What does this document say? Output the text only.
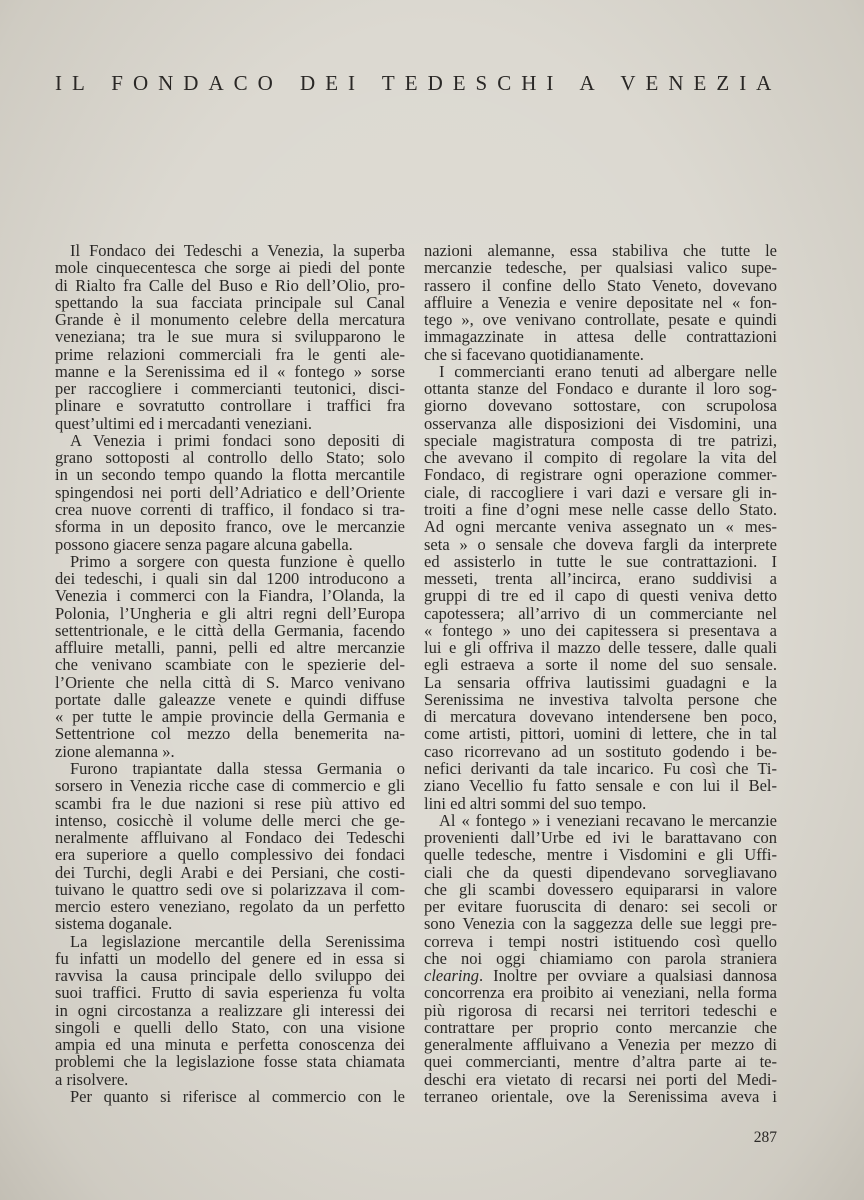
IL FONDACO DEI TEDESCHI A VENEZIA
Il Fondaco dei Tedeschi a Venezia, la superba
mole cinquecentesca che sorge ai piedi del ponte
di Rialto fra Calle del Buso e Rio dell’Olio, pro-
spettando la sua facciata principale sul Canal
Grande è il monumento celebre della mercatura
veneziana; tra le sue mura si svilupparono le
prime relazioni commerciali fra le genti ale-
manne e la Serenissima ed il « fontego » sorse
per raccogliere i commercianti teutonici, disci-
plinare e sovratutto controllare i traffici fra
quest’ultimi ed i mercadanti veneziani.
A Venezia i primi fondaci sono depositi di
grano sottoposti al controllo dello Stato; solo
in un secondo tempo quando la flotta mercantile
spingendosi nei porti dell’Adriatico e dell’Oriente
crea nuove correnti di traffico, il fondaco si tra-
sforma in un deposito franco, ove le mercanzie
possono giacere senza pagare alcuna gabella.
Primo a sorgere con questa funzione è quello
dei tedeschi, i quali sin dal 1200 introducono a
Venezia i commerci con la Fiandra, l’Olanda, la
Polonia, l’Ungheria e gli altri regni dell’Europa
settentrionale, e le città della Germania, facendo
affluire metalli, panni, pelli ed altre mercanzie
che venivano scambiate con le spezierie del-
l’Oriente che nella città di S. Marco venivano
portate dalle galeazze venete e quindi diffuse
« per tutte le ampie provincie della Germania e
Settentrione col mezzo della benemerita na-
zione alemanna ».
Furono trapiantate dalla stessa Germania o
sorsero in Venezia ricche case di commercio e gli
scambi fra le due nazioni si rese più attivo ed
intenso, cosicchè il volume delle merci che ge-
neralmente affluivano al Fondaco dei Tedeschi
era superiore a quello complessivo dei fondaci
dei Turchi, degli Arabi e dei Persiani, che costi-
tuivano le quattro sedi ove si polarizzava il com-
mercio estero veneziano, regolato da un perfetto
sistema doganale.
La legislazione mercantile della Serenissima
fu infatti un modello del genere ed in essa si
ravvisa la causa principale dello sviluppo dei
suoi traffici. Frutto di savia esperienza fu volta
in ogni circostanza a realizzare gli interessi dei
singoli e quelli dello Stato, con una visione
ampia ed una minuta e perfetta conoscenza dei
problemi che la legislazione fosse stata chiamata
a risolvere.
Per quanto si riferisce al commercio con le
nazioni alemanne, essa stabiliva che tutte le
mercanzie tedesche, per qualsiasi valico supe-
rassero il confine dello Stato Veneto, dovevano
affluire a Venezia e venire depositate nel « fon-
tego », ove venivano controllate, pesate e quindi
immagazzinate in attesa delle contrattazioni
che si facevano quotidianamente.
I commercianti erano tenuti ad albergare nelle
ottanta stanze del Fondaco e durante il loro sog-
giorno dovevano sottostare, con scrupolosa
osservanza alle disposizioni dei Visdomini, una
speciale magistratura composta di tre patrizi,
che avevano il compito di regolare la vita del
Fondaco, di registrare ogni operazione commer-
ciale, di raccogliere i vari dazi e versare gli in-
troiti a fine d’ogni mese nelle casse dello Stato.
Ad ogni mercante veniva assegnato un « mes-
seta » o sensale che doveva fargli da interprete
ed assisterlo in tutte le sue contrattazioni. I
messeti, trenta all’incirca, erano suddivisi a
gruppi di tre ed il capo di questi veniva detto
capotessera; all’arrivo di un commerciante nel
« fontego » uno dei capitessera si presentava a
lui e gli offriva il mazzo delle tessere, dalle quali
egli estraeva a sorte il nome del suo sensale.
La sensaria offriva lautissimi guadagni e la
Serenissima ne investiva talvolta persone che
di mercatura dovevano intendersene ben poco,
come artisti, pittori, uomini di lettere, che in tal
caso ricorrevano ad un sostituto godendo i be-
nefici derivanti da tale incarico. Fu così che Ti-
ziano Vecellio fu fatto sensale e con lui il Bel-
lini ed altri sommi del suo tempo.
Al « fontego » i veneziani recavano le mercanzie
provenienti dall’Urbe ed ivi le barattavano con
quelle tedesche, mentre i Visdomini e gli Uffi-
ciali che da questi dipendevano sorvegliavano
che gli scambi dovessero equipararsi in valore
per evitare fuoruscita di denaro: sei secoli or
sono Venezia con la saggezza delle sue leggi pre-
correva i tempi nostri istituendo così quello
che noi oggi chiamiamo con parola straniera
clearing. Inoltre per ovviare a qualsiasi dannosa
concorrenza era proibito ai veneziani, nella forma
più rigorosa di recarsi nei territori tedeschi e
contrattare per proprio conto mercanzie che
generalmente affluivano a Venezia per mezzo di
quei commercianti, mentre d’altra parte ai te-
deschi era vietato di recarsi nei porti del Medi-
terraneo orientale, ove la Serenissima aveva i
287
